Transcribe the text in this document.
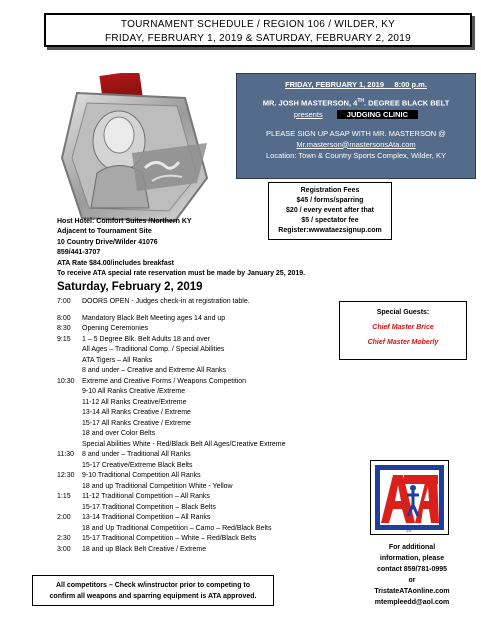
TOURNAMENT SCHEDULE / REGION 106 / WILDER, KY
FRIDAY, FEBRUARY 1, 2019 & SATURDAY, FEBRUARY 2, 2019
FRIDAY, FEBRUARY 1, 2019 8:00 p.m.
MR. JOSH MASTERSON, 4TH. DEGREE BLACK BELT
presents	JUDGING CLINIC
PLEASE SIGN UP ASAP WITH MR. MASTERSON @
Mr.masterson@mastersonsAta.com
Location: Town & Country Sports Complex, Wilder, KY
Registration Fees
$45 / forms/sparring
$20 / every event after that
$5 / spectator fee
Register:wwwataezsignup.com
Host Hotel: Comfort Suites /Northern KY
Adjacent to Tournament Site
10 Country Drive/Wilder 41076
859/441-3707
ATA Rate $84.00/includes breakfast
To receive ATA special rate reservation must be made by January 25, 2019.
Saturday, February 2, 2019
7:00	DOORS OPEN - Judges check-in at registration table.
8:00	Mandatory Black Belt Meeting ages 14 and up
8:30	Opening Ceremonies
9:15	1 – 5 Degree Blk. Belt Adults 18 and over
All Ages – Traditional Comp. / Special Abilities
ATA Tigers – All Ranks
8 and under – Creative and Extreme All Ranks
10:30	Extreme and Creative Forms / Weapons Competition
9-10 All Ranks Creative /Extreme
11-12 All Ranks Creative/Extreme
13-14 All Ranks Creative / Extreme
15-17 All Ranks Creative / Extreme
18 and over Color Belts
Special Abilities White - Red/Black Belt All Ages/Creative Extreme
11:30	8 and under – Traditional All Ranks
15-17 Creative/Extreme Black Belts
12:30	9-10 Traditional Competition All Ranks
18 and up Traditional Competition White - Yellow
1:15	11-12 Traditional Competition – All Ranks
15-17 Traditional Competition – Black Belts
2:00	13-14 Traditional Competition – All Ranks
18 and Up Traditional Competition – Camo – Red/Black Belts
2:30	15-17 Traditional Competition – White – Red/Black Belts
3:00	18 and up Black Belt Creative / Extreme
Special Guests:
Chief Master Brice
Chief Master Moberly
ATA
For additional
information, please
contact 859/781-0995
or
TristateATAonline.com
mtempleedd@aol.com
All competitors – Check w/instructor prior to competing to
confirm all weapons and sparring equipment is ATA approved.
